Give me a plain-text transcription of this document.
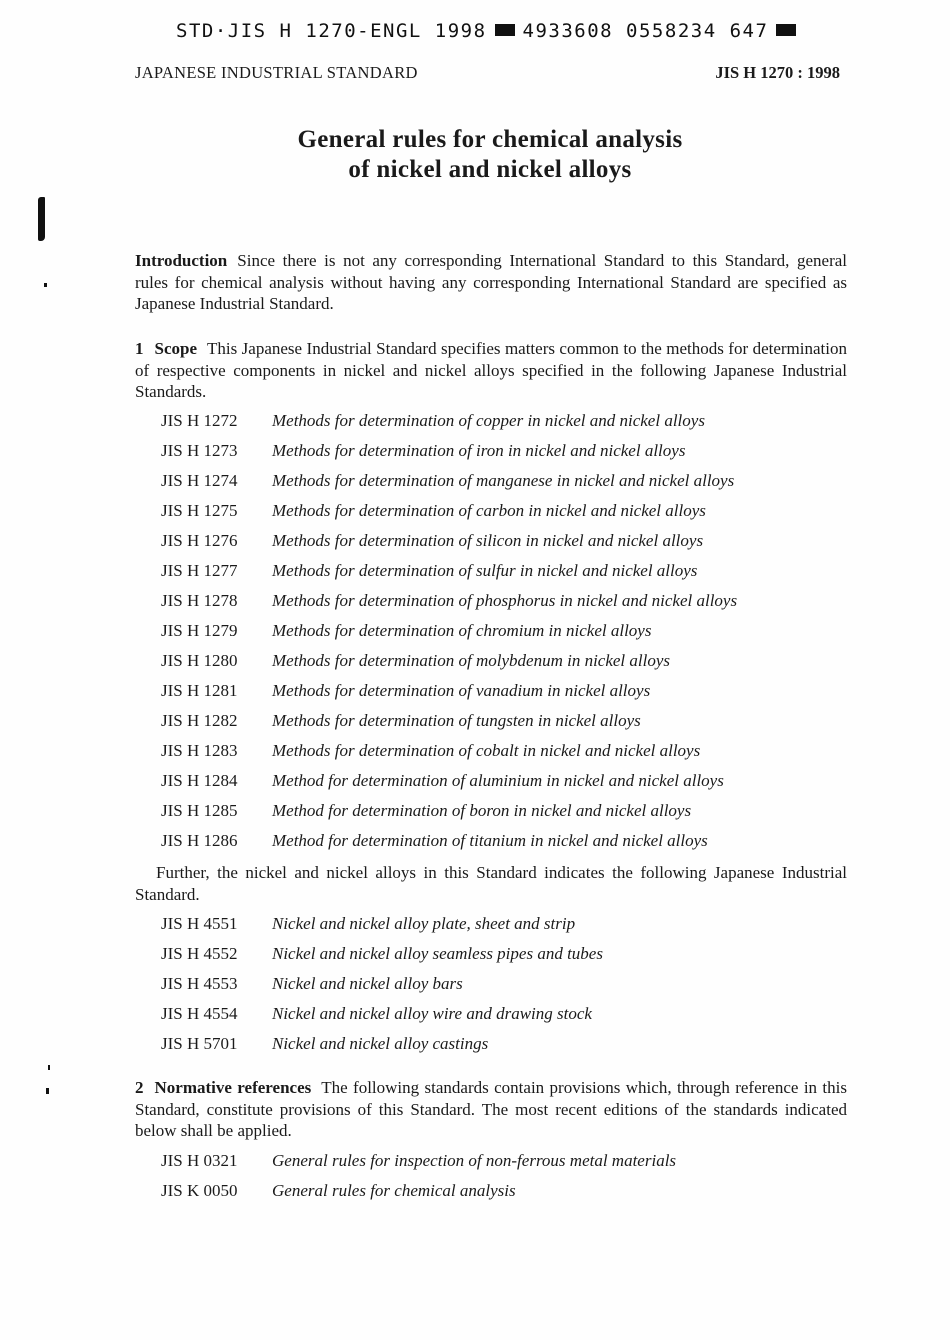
STD·JIS H 1270-ENGL 1998 4933608 0558234 647
JAPANESE INDUSTRIAL STANDARD	JIS H 1270 : 1998
General rules for chemical analysis
of nickel and nickel alloys
Introduction Since there is not any corresponding International Standard to this Standard, general rules for chemical analysis without having any corresponding International Standard are specified as Japanese Industrial Standard.
1 Scope This Japanese Industrial Standard specifies matters common to the methods for determination of respective components in nickel and nickel alloys specified in the following Japanese Industrial Standards.
JIS H 1272 Methods for determination of copper in nickel and nickel alloys
JIS H 1273 Methods for determination of iron in nickel and nickel alloys
JIS H 1274 Methods for determination of manganese in nickel and nickel alloys
JIS H 1275 Methods for determination of carbon in nickel and nickel alloys
JIS H 1276 Methods for determination of silicon in nickel and nickel alloys
JIS H 1277 Methods for determination of sulfur in nickel and nickel alloys
JIS H 1278 Methods for determination of phosphorus in nickel and nickel alloys
JIS H 1279 Methods for determination of chromium in nickel alloys
JIS H 1280 Methods for determination of molybdenum in nickel alloys
JIS H 1281 Methods for determination of vanadium in nickel alloys
JIS H 1282 Methods for determination of tungsten in nickel alloys
JIS H 1283 Methods for determination of cobalt in nickel and nickel alloys
JIS H 1284 Method for determination of aluminium in nickel and nickel alloys
JIS H 1285 Method for determination of boron in nickel and nickel alloys
JIS H 1286 Method for determination of titanium in nickel and nickel alloys
Further, the nickel and nickel alloys in this Standard indicates the following Japanese Industrial Standard.
JIS H 4551 Nickel and nickel alloy plate, sheet and strip
JIS H 4552 Nickel and nickel alloy seamless pipes and tubes
JIS H 4553 Nickel and nickel alloy bars
JIS H 4554 Nickel and nickel alloy wire and drawing stock
JIS H 5701 Nickel and nickel alloy castings
2 Normative references The following standards contain provisions which, through reference in this Standard, constitute provisions of this Standard. The most recent editions of the standards indicated below shall be applied.
JIS H 0321 General rules for inspection of non-ferrous metal materials
JIS K 0050 General rules for chemical analysis
